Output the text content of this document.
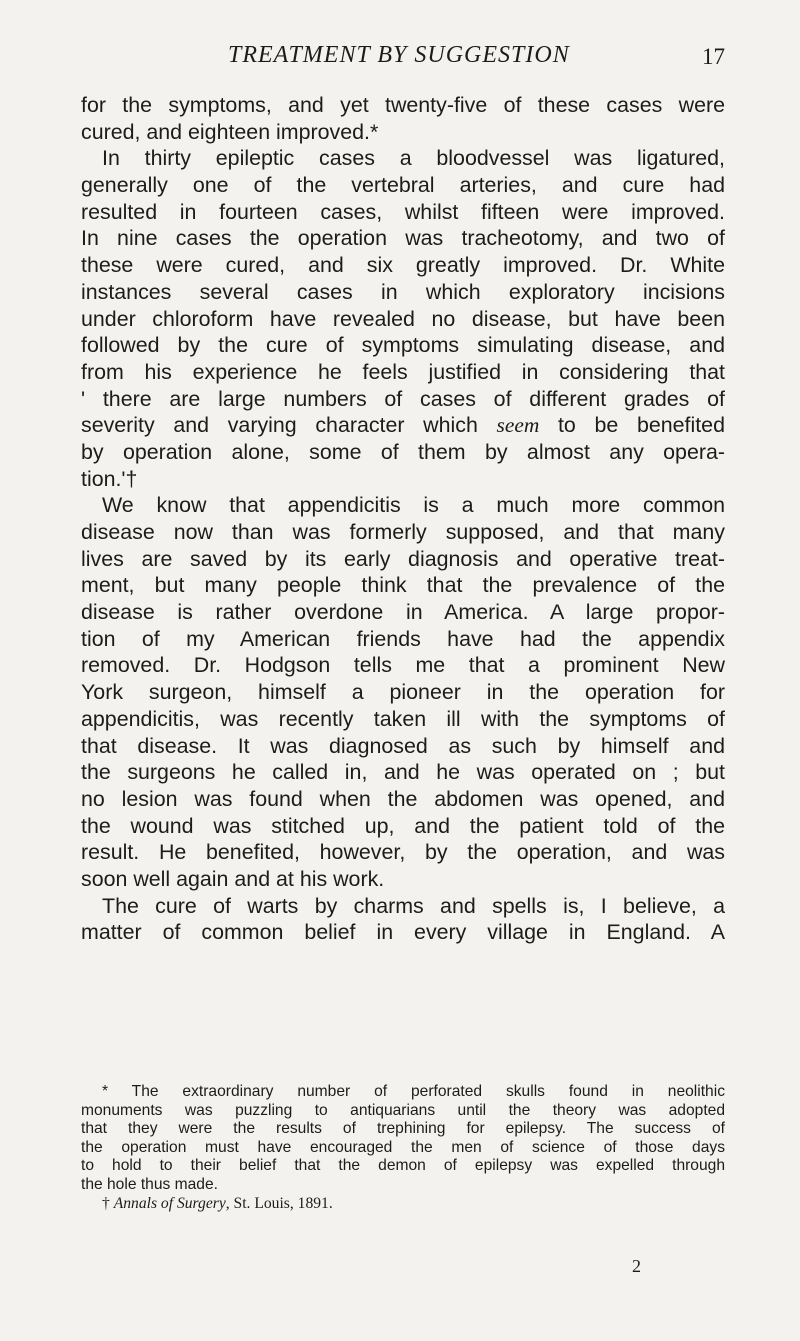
TREATMENT BY SUGGESTION	17
for the symptoms, and yet twenty-five of these cases were
cured, and eighteen improved.*
In thirty epileptic cases a bloodvessel was ligatured,
generally one of the vertebral arteries, and cure had
resulted in fourteen cases, whilst fifteen were improved.
In nine cases the operation was tracheotomy, and two of
these were cured, and six greatly improved. Dr. White
instances several cases in which exploratory incisions
under chloroform have revealed no disease, but have been
followed by the cure of symptoms simulating disease, and
from his experience he feels justified in considering that
' there are large numbers of cases of different grades of
severity and varying character which seem to be benefited
by operation alone, some of them by almost any opera-
tion.'†
We know that appendicitis is a much more common
disease now than was formerly supposed, and that many
lives are saved by its early diagnosis and operative treat-
ment, but many people think that the prevalence of the
disease is rather overdone in America. A large propor-
tion of my American friends have had the appendix
removed. Dr. Hodgson tells me that a prominent New
York surgeon, himself a pioneer in the operation for
appendicitis, was recently taken ill with the symptoms of
that disease. It was diagnosed as such by himself and
the surgeons he called in, and he was operated on ; but
no lesion was found when the abdomen was opened, and
the wound was stitched up, and the patient told of the
result. He benefited, however, by the operation, and was
soon well again and at his work.
The cure of warts by charms and spells is, I believe, a
matter of common belief in every village in England. A
* The extraordinary number of perforated skulls found in neolithic
monuments was puzzling to antiquarians until the theory was adopted
that they were the results of trephining for epilepsy. The success of
the operation must have encouraged the men of science of those days
to hold to their belief that the demon of epilepsy was expelled through
the hole thus made.
† Annals of Surgery, St. Louis, 1891.
2
